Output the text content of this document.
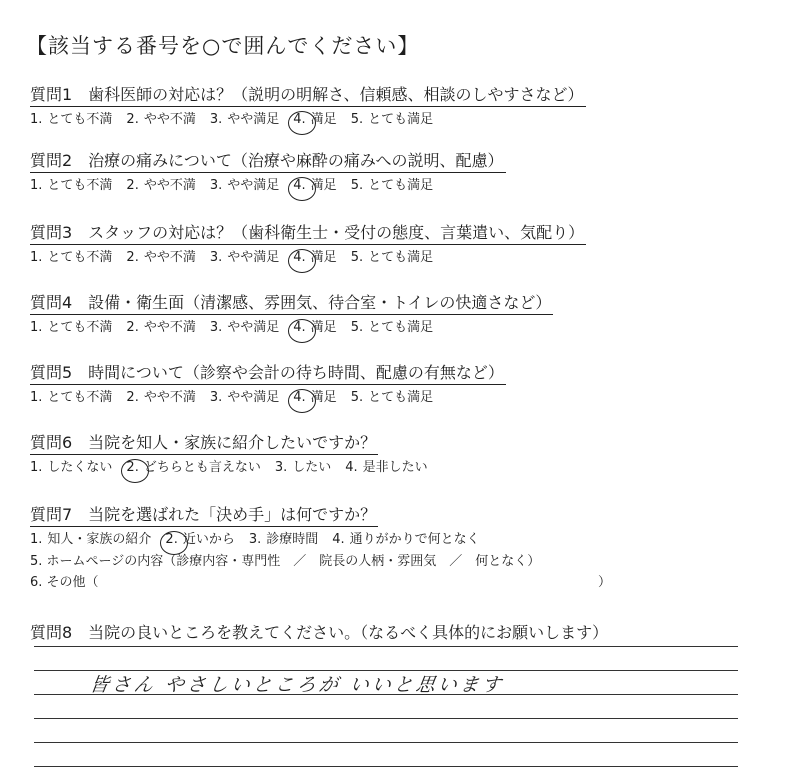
【該当する番号を○で囲んでください】
質問1　歯科医師の対応は？（説明の明解さ、信頼感、相談のしやすさなど）
1. とても不満 2. やや不満 3. やや満足 4. 満足 5. とても満足
質問2　治療の痛みについて（治療や麻酔の痛みへの説明、配慮）
1. とても不満 2. やや不満 3. やや満足 4. 満足 5. とても満足
質問3　スタッフの対応は？（歯科衛生士・受付の態度、言葉遣い、気配り）
1. とても不満 2. やや不満 3. やや満足 4. 満足 5. とても満足
質問4　設備・衛生面（清潔感、雰囲気、待合室・トイレの快適さなど）
1. とても不満 2. やや不満 3. やや満足 4. 満足 5. とても満足
質問5　時間について（診察や会計の待ち時間、配慮の有無など）
1. とても不満 2. やや不満 3. やや満足 4. 満足 5. とても満足
質問6　当院を知人・家族に紹介したいですか？
1. したくない 2. どちらとも言えない 3. したい 4. 是非したい
質問7　当院を選ばれた「決め手」は何ですか？
1. 知人・家族の紹介 2. 近いから 3. 診療時間 4. 通りがかりで何となく
5. ホームページの内容（診療内容・専門性　／　院長の人柄・雰囲気　／　何となく）
6. その他（	）
質問8　当院の良いところを教えてください。（なるべく具体的にお願いします）
皆さん やさしいところが いいと思います
